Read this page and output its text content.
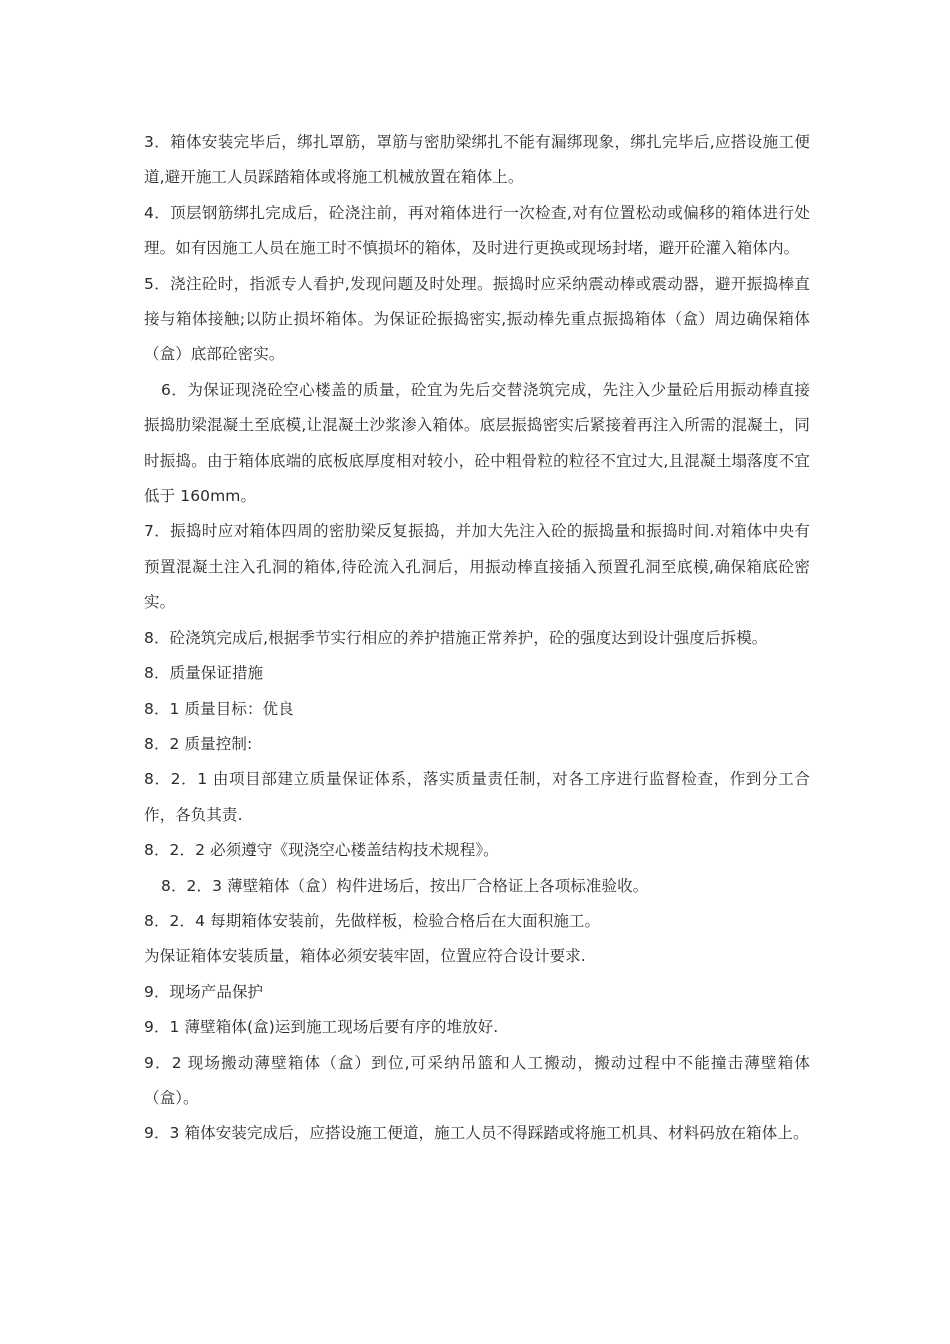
3．箱体安装完毕后，绑扎罩筋，罩筋与密肋梁绑扎不能有漏绑现象，绑扎完毕后,应搭设施工便道,避开施工人员踩踏箱体或将施工机械放置在箱体上。

4．顶层钢筋绑扎完成后，砼浇注前，再对箱体进行一次检查,对有位置松动或偏移的箱体进行处理。如有因施工人员在施工时不慎损坏的箱体，及时进行更换或现场封堵，避开砼灌入箱体内。

5．浇注砼时，指派专人看护,发现问题及时处理。振捣时应采纳震动棒或震动器，避开振捣棒直接与箱体接触;以防止损坏箱体。为保证砼振捣密实,振动棒先重点振捣箱体（盒）周边确保箱体（盒）底部砼密实。

6．为保证现浇砼空心楼盖的质量，砼宜为先后交替浇筑完成，先注入少量砼后用振动棒直接振捣肋梁混凝土至底模,让混凝土沙浆渗入箱体。底层振捣密实后紧接着再注入所需的混凝土，同时振捣。由于箱体底端的底板底厚度相对较小，砼中粗骨粒的粒径不宜过大,且混凝土塌落度不宜低于 160mm。

7．振捣时应对箱体四周的密肋梁反复振捣，并加大先注入砼的振捣量和振捣时间.对箱体中央有预置混凝土注入孔洞的箱体,待砼流入孔洞后，用振动棒直接插入预置孔洞至底模,确保箱底砼密实。

8．砼浇筑完成后,根据季节实行相应的养护措施正常养护，砼的强度达到设计强度后拆模。

8．质量保证措施

8．1 质量目标：优良

8．2 质量控制:

8．2．1 由项目部建立质量保证体系，落实质量责任制，对各工序进行监督检查，作到分工合作，各负其责.

8．2．2 必须遵守《现浇空心楼盖结构技术规程》。

8．2．3 薄壁箱体（盒）构件进场后，按出厂合格证上各项标准验收。

8．2．4 每期箱体安装前，先做样板，检验合格后在大面积施工。

为保证箱体安装质量，箱体必须安装牢固，位置应符合设计要求.

9．现场产品保护

9．1 薄壁箱体(盒)运到施工现场后要有序的堆放好.

9．2 现场搬动薄壁箱体（盒）到位,可采纳吊篮和人工搬动，搬动过程中不能撞击薄壁箱体（盒）。

9．3 箱体安装完成后，应搭设施工便道，施工人员不得踩踏或将施工机具、材料码放在箱体上。
